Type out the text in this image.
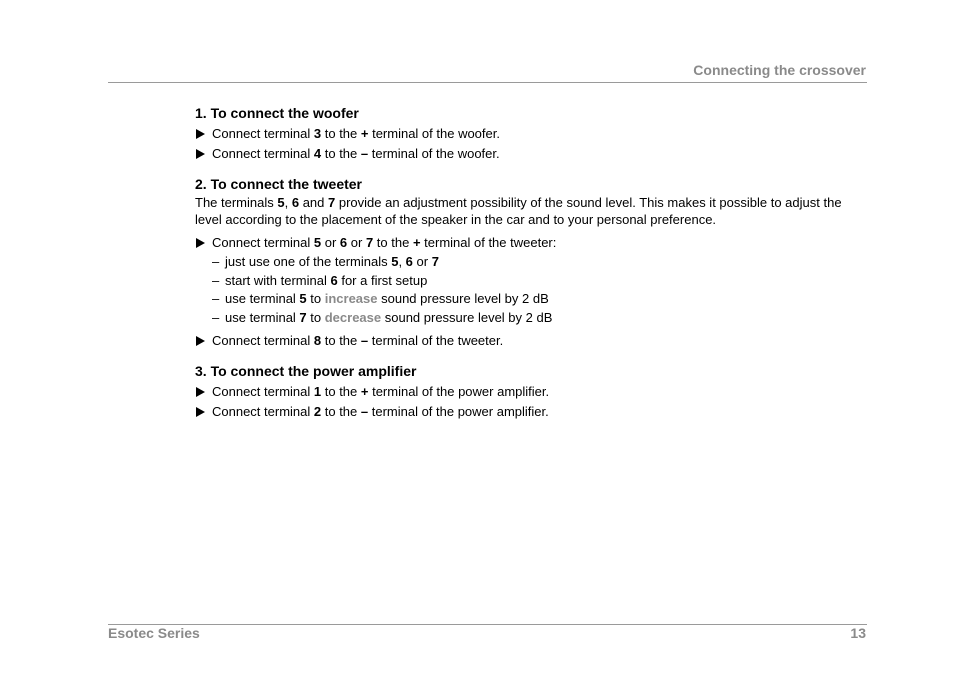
Connecting the crossover
1. To connect the woofer
Connect terminal 3 to the + terminal of the woofer.
Connect terminal 4 to the – terminal of the woofer.
2. To connect the tweeter
The terminals 5, 6 and 7 provide an adjustment possibility of the sound level. This makes it possible to adjust the level according to the placement of the speaker in the car and to your personal preference.
Connect terminal 5 or 6 or 7 to the + terminal of the tweeter:
– just use one of the terminals 5, 6 or 7
– start with terminal 6 for a first setup
– use terminal 5 to increase sound pressure level by 2 dB
– use terminal 7 to decrease sound pressure level by 2 dB
Connect terminal 8 to the – terminal of the tweeter.
3. To connect the power amplifier
Connect terminal 1 to the + terminal of the power amplifier.
Connect terminal 2 to the – terminal of the power amplifier.
Esotec Series	13
